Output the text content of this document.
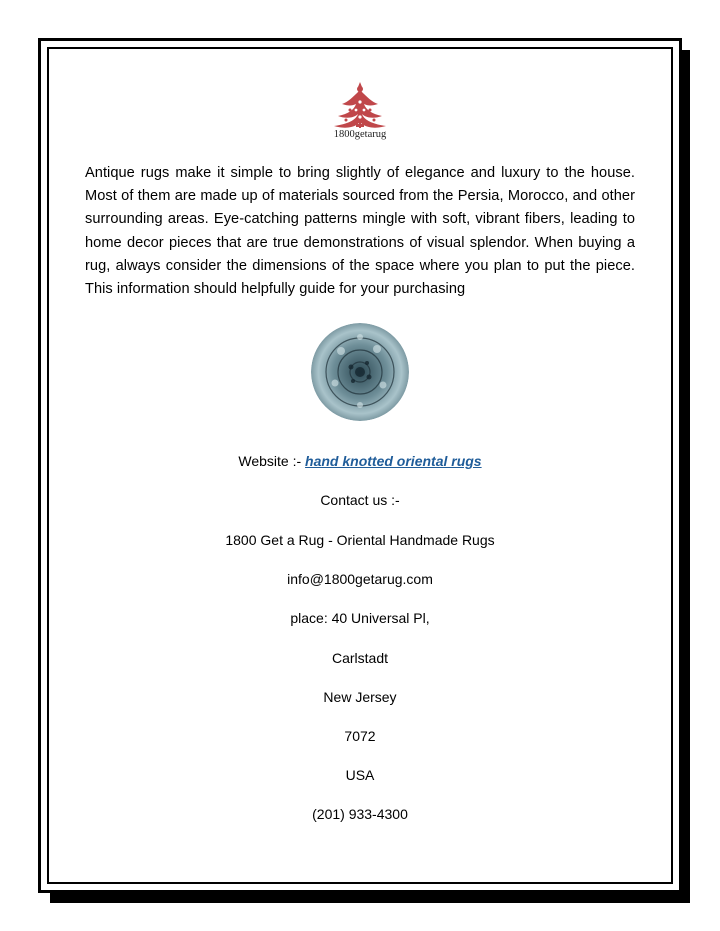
1800getarug
Antique rugs make it simple to bring slightly of elegance and luxury to the house. Most of them are made up of materials sourced from the Persia, Morocco, and other surrounding areas. Eye-catching patterns mingle with soft, vibrant fibers, leading to home decor pieces that are true demonstrations of visual splendor. When buying a rug, always consider the dimensions of the space where you plan to put the piece. This information should helpfully guide for your purchasing
Website :- hand knotted oriental rugs
Contact us :-
1800 Get a Rug - Oriental Handmade Rugs
info@1800getarug.com
place: 40 Universal Pl,
Carlstadt
New Jersey
7072
USA
(201) 933-4300
